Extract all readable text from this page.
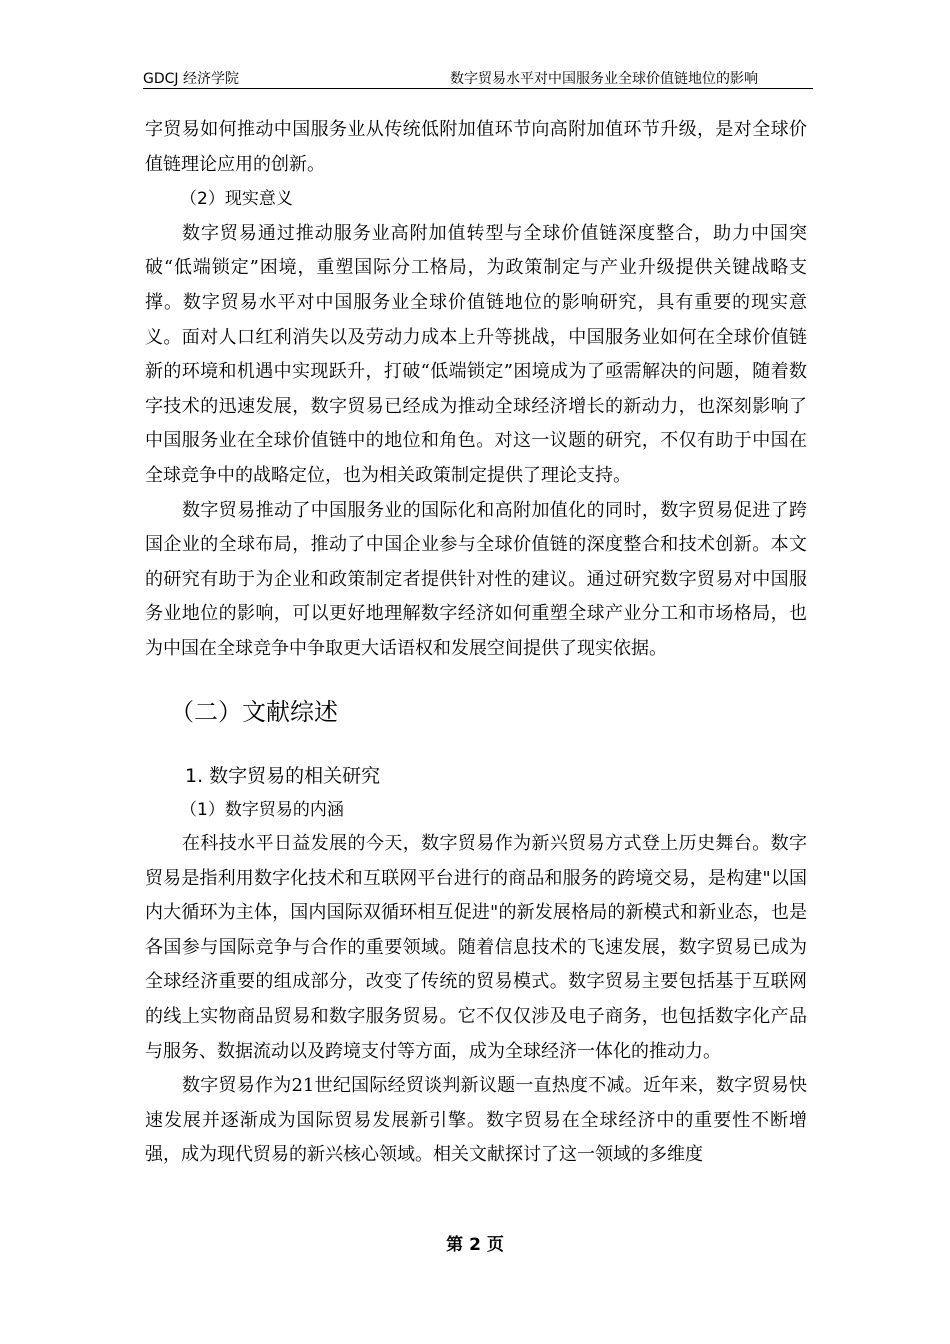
GDCJ 经济学院	数字贸易水平对中国服务业全球价值链地位的影响

字贸易如何推动中国服务业从传统低附加值环节向高附加值环节升级，是对全球价值链理论应用的创新。

（2）现实意义

数字贸易通过推动服务业高附加值转型与全球价值链深度整合，助力中国突破“低端锁定”困境，重塑国际分工格局，为政策制定与产业升级提供关键战略支撑。数字贸易水平对中国服务业全球价值链地位的影响研究，具有重要的现实意义。面对人口红利消失以及劳动力成本上升等挑战，中国服务业如何在全球价值链新的环境和机遇中实现跃升，打破“低端锁定”困境成为了亟需解决的问题，随着数字技术的迅速发展，数字贸易已经成为推动全球经济增长的新动力，也深刻影响了中国服务业在全球价值链中的地位和角色。对这一议题的研究，不仅有助于中国在全球竞争中的战略定位，也为相关政策制定提供了理论支持。

数字贸易推动了中国服务业的国际化和高附加值化的同时，数字贸易促进了跨国企业的全球布局，推动了中国企业参与全球价值链的深度整合和技术创新。本文的研究有助于为企业和政策制定者提供针对性的建议。通过研究数字贸易对中国服务业地位的影响，可以更好地理解数字经济如何重塑全球产业分工和市场格局，也为中国在全球竞争中争取更大话语权和发展空间提供了现实依据。

（二）文献综述
1. 数字贸易的相关研究

（1）数字贸易的内涵

在科技水平日益发展的今天，数字贸易作为新兴贸易方式登上历史舞台。数字贸易是指利用数字化技术和互联网平台进行的商品和服务的跨境交易，是构建"以国内大循环为主体，国内国际双循环相互促进"的新发展格局的新模式和新业态，也是各国参与国际竞争与合作的重要领域。随着信息技术的飞速发展，数字贸易已成为全球经济重要的组成部分，改变了传统的贸易模式。数字贸易主要包括基于互联网的线上实物商品贸易和数字服务贸易。它不仅仅涉及电子商务，也包括数字化产品与服务、数据流动以及跨境支付等方面，成为全球经济一体化的推动力。

数字贸易作为21世纪国际经贸谈判新议题一直热度不减。近年来，数字贸易快速发展并逐渐成为国际贸易发展新引擎。数字贸易在全球经济中的重要性不断增强，成为现代贸易的新兴核心领域。相关文献探讨了这一领域的多维度

第 2 页
